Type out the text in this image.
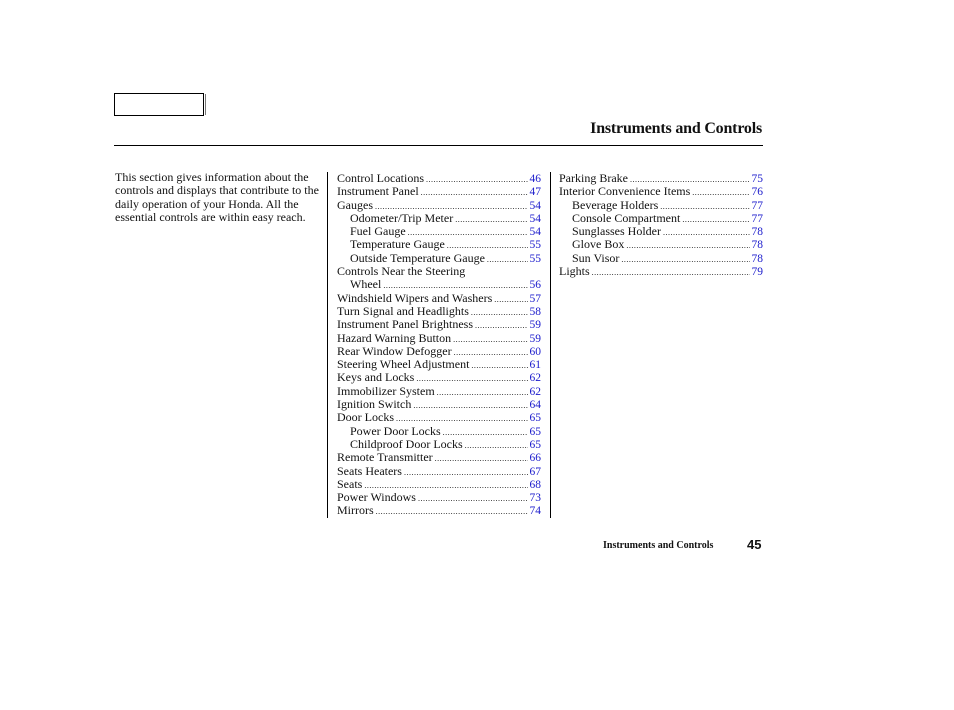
Instruments and Controls

This section gives information about the controls and displays that contribute to the daily operation of your Honda. All the essential controls are within easy reach.

Control Locations .....	46
Instrument Panel .....	47
Gauges .....	54
Odometer/Trip Meter .....	54
Fuel Gauge .....	54
Temperature Gauge .....	55
Outside Temperature Gauge .....	55
Controls Near the Steering
Wheel .....	56
Windshield Wipers and Washers .....	57
Turn Signal and Headlights .....	58
Instrument Panel Brightness .....	59
Hazard Warning Button .....	59
Rear Window Defogger .....	60
Steering Wheel Adjustment .....	61
Keys and Locks .....	62
Immobilizer System .....	62
Ignition Switch .....	64
Door Locks .....	65
Power Door Locks .....	65
Childproof Door Locks .....	65
Remote Transmitter .....	66
Seats Heaters .....	67
Seats .....	68
Power Windows .....	73
Mirrors .....	74
Parking Brake .....	75
Interior Convenience Items .....	76
Beverage Holders .....	77
Console Compartment .....	77
Sunglasses Holder .....	78
Glove Box .....	78
Sun Visor .....	78
Lights .....	79
Instruments and Controls	45
